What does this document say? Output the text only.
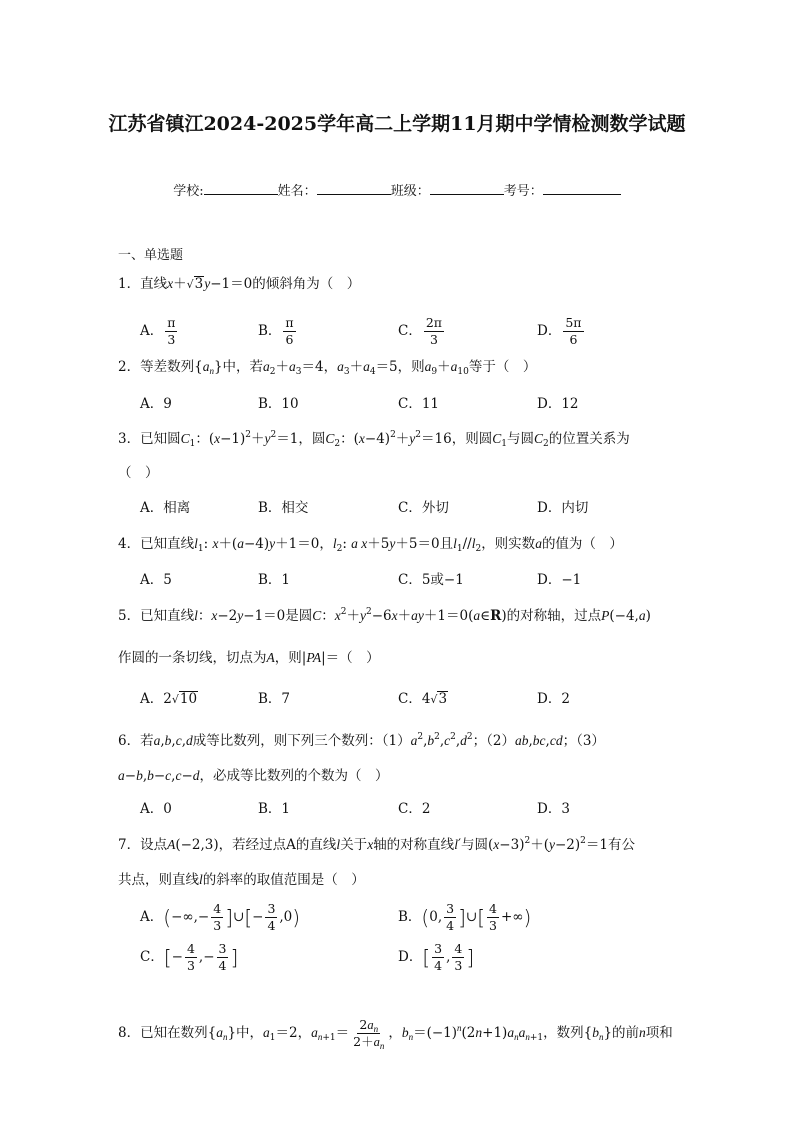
江苏省镇江2024-2025学年高二上学期11月期中学情检测数学试题
学校:	姓名：	班级：	考号：
一、单选题
1．直线x＋√3y−1＝0的倾斜角为（　）
A． $\frac{\pi}{3}$	B． $\frac{\pi}{6}$	C． $\frac{2\pi}{3}$	D． $\frac{5\pi}{6}$
2．等差数列$\{a_n\}$中，若$a_2+a_3=4$，$a_3+a_4=5$，则$a_9+a_{10}$等于（　）
A．9	B．10	C．11	D．12
3．已知圆$C_1$：$(x-1)^2+y^2=1$，圆$C_2$：$(x-4)^2+y^2=16$，则圆$C_1$与圆$C_2$的位置关系为
（　）
A．相离	B．相交	C．外切	D．内切
4．已知直线$l_1$: x＋(a−4)y＋1＝0，$l_2$: a x＋5y＋5＝0且$l_1//l_2$，则实数a的值为（　）
A．5	B．1	C．5或−1	D．−1
5．已知直线l：x−2y−1＝0是圆C：$x^2+y^2-6x+ay+1=0(a\in R)$的对称轴，过点P(−4,a)
作圆的一条切线，切点为A，则|PA|＝（　）
A．2√10	B．7	C．4√3	D．2
6．若a,b,c,d成等比数列，则下列三个数列：$(1)a^2,b^2,c^2,d^2$；（2）ab,bc,cd；（3）
a−b,b−c,c−d，必成等比数列的个数为（　）
A．0	B．1	C．2	D．3
7．设点A(−2,3)，若经过点A的直线l关于x轴的对称直线l′与圆$(x-3)^2+(y-2)^2=1$有公
共点，则直线l的斜率的取值范围是（　）
A．(−∞,− $\frac{4}{3}$ ]∪[− $\frac{3}{4} ,0$)	B．(0, $\frac{3}{4}$ ]∪[ $\frac{4}{3}$ +∞)
C．[− $\frac{4}{3}$ ,− $\frac{3}{4}$ ]	D．[ $\frac{3}{4}$ , $\frac{4}{3}$ ]
8．已知在数列$\{a_n\}$中，$a_1=2$，$a_{n+1}= \frac{2a_n}{2+a_n}$ ，$b_n=(-1)^n(2n+1)a_na_{n+1}$，数列$\{b_n\}$的前n项和
